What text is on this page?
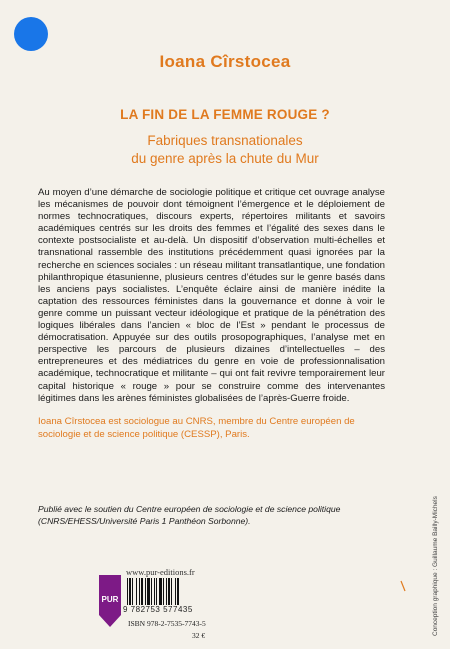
Ioana Cîrstocea
LA FIN DE LA FEMME ROUGE ?
Fabriques transnationales
du genre après la chute du Mur
Au moyen d’une démarche de sociologie politique et critique cet ouvrage analyse les mécanismes de pouvoir dont témoignent l’émergence et le déploiement de normes technocratiques, discours experts, répertoires militants et savoirs académiques centrés sur les droits des femmes et l’égalité des sexes dans le contexte postsocialiste et au-delà. Un dispositif d’observation multi-échelles et transnational rassemble des institutions précédemment quasi ignorées par la recherche en sciences sociales : un réseau militant transatlantique, une fondation philanthropique étasunienne, plusieurs centres d’études sur le genre basés dans les anciens pays socialistes. L’enquête éclaire ainsi de manière inédite la captation des ressources féministes dans la gouvernance et donne à voir le genre comme un puissant vecteur idéologique et pratique de la pénétration des logiques libérales dans l’ancien « bloc de l’Est » pendant le processus de démocratisation. Appuyée sur des outils prosopographiques, l’analyse met en perspective les parcours de plusieurs dizaines d’intellectuelles – des entrepreneures et des médiatrices du genre en voie de professionnalisation académique, technocratique et militante – qui ont fait revivre temporairement leur capital historique « rouge » pour se construire comme des intervenantes légitimes dans les arènes féministes globalisées de l’après-Guerre froide.
Ioana Cîrstocea est sociologue au CNRS, membre du Centre européen de sociologie et de science politique (CESSP), Paris.
Publié avec le soutien du Centre européen de sociologie et de science politique (CNRS/EHESS/Université Paris 1 Panthéon Sorbonne).
www.pur-editions.fr
PUR
9 782753 577435
ISBN 978-2-7535-7743-5
32 €	Conception graphique : Guillaume Bailly-Michels
